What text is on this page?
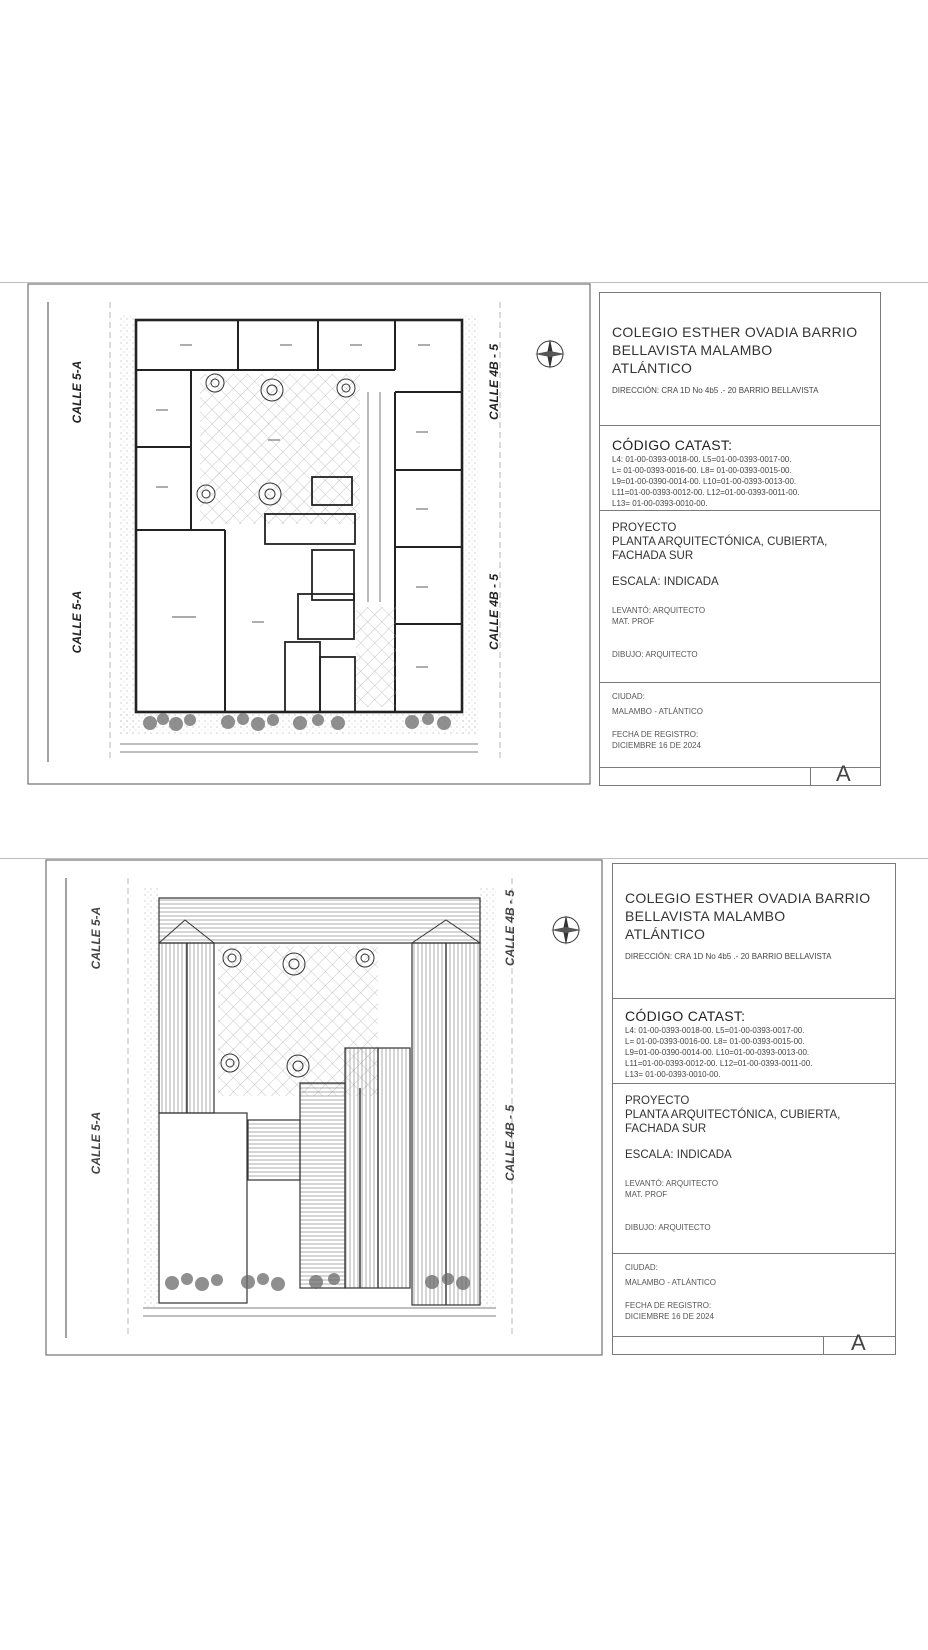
CALLE 5-A
CALLE 5-A
CALLE 4B - 5
CALLE 4B - 5
COLEGIO ESTHER OVADIA BARRIO
BELLAVISTA MALAMBO
ATLÁNTICO
DIRECCIÓN: CRA 1D No 4b5 .- 20 BARRIO BELLAVISTA
CÓDIGO CATAST:
L4: 01-00-0393-0018-00. L5=01-00-0393-0017-00.
L= 01-00-0393-0016-00. L8= 01-00-0393-0015-00.
L9=01-00-0390-0014-00. L10=01-00-0393-0013-00.
L11=01-00-0393-0012-00. L12=01-00-0393-0011-00.
L13= 01-00-0393-0010-00.
PROYECTO
PLANTA ARQUITECTÓNICA, CUBIERTA,
FACHADA SUR
ESCALA: INDICADA
LEVANTÓ: ARQUITECTO
MAT. PROF
DIBUJO: ARQUITECTO
CIUDAD:
MALAMBO - ATLÁNTICO
FECHA DE REGISTRO:
DICIEMBRE 16 DE 2024
A
CALLE 5-A
CALLE 5-A
CALLE 4B - 5
CALLE 4B - 5
COLEGIO ESTHER OVADIA BARRIO
BELLAVISTA MALAMBO
ATLÁNTICO
DIRECCIÓN: CRA 1D No 4b5 .- 20 BARRIO BELLAVISTA
CÓDIGO CATAST:
L4: 01-00-0393-0018-00. L5=01-00-0393-0017-00.
L= 01-00-0393-0016-00. L8= 01-00-0393-0015-00.
L9=01-00-0390-0014-00. L10=01-00-0393-0013-00.
L11=01-00-0393-0012-00. L12=01-00-0393-0011-00.
L13= 01-00-0393-0010-00.
PROYECTO
PLANTA ARQUITECTÓNICA, CUBIERTA,
FACHADA SUR
ESCALA: INDICADA
LEVANTÓ: ARQUITECTO
MAT. PROF
DIBUJO: ARQUITECTO
CIUDAD:
MALAMBO - ATLÁNTICO
FECHA DE REGISTRO:
DICIEMBRE 16 DE 2024
A
